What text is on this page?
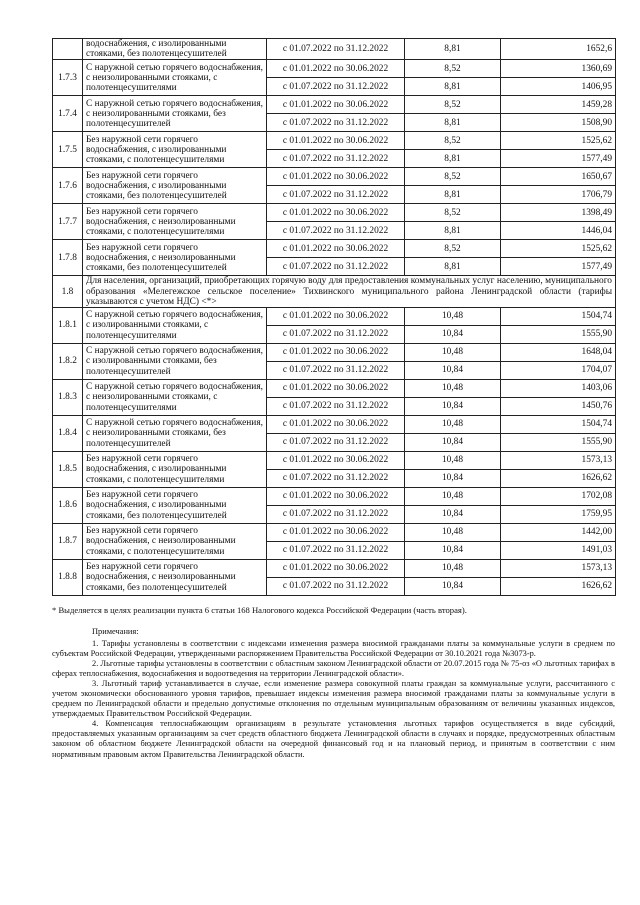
	водоснабжения, с изолированными стояками, без полотенцесушителей	с 01.07.2022 по 31.12.2022	8,81	1652,6
1.7.3	С наружной сетью горячего водоснабжения, с неизолированными стояками, с полотенцесушителями	с 01.01.2022 по 30.06.2022	8,52	1360,69
		с 01.07.2022 по 31.12.2022	8,81	1406,95
1.7.4	С наружной сетью горячего водоснабжения, с неизолированными стояками, без полотенцесушителей	с 01.01.2022 по 30.06.2022	8,52	1459,28
		с 01.07.2022 по 31.12.2022	8,81	1508,90
1.7.5	Без наружной сети горячего водоснабжения, с изолированными стояками, с полотенцесушителями	с 01.01.2022 по 30.06.2022	8,52	1525,62
		с 01.07.2022 по 31.12.2022	8,81	1577,49
1.7.6	Без наружной сети горячего водоснабжения, с изолированными стояками, без полотенцесушителей	с 01.01.2022 по 30.06.2022	8,52	1650,67
		с 01.07.2022 по 31.12.2022	8,81	1706,79
1.7.7	Без наружной сети горячего водоснабжения, с неизолированными стояками, с полотенцесушителями	с 01.01.2022 по 30.06.2022	8,52	1398,49
		с 01.07.2022 по 31.12.2022	8,81	1446,04
1.7.8	Без наружной сети горячего водоснабжения, с неизолированными стояками, без полотенцесушителей	с 01.01.2022 по 30.06.2022	8,52	1525,62
		с 01.07.2022 по 31.12.2022	8,81	1577,49
1.8	Для населения, организаций, приобретающих горячую воду для предоставления коммунальных услуг населению, муниципального образования «Мелегежское сельское поселение» Тихвинского муниципального района Ленинградской области (тарифы указываются с учетом НДС) <*>			
1.8.1	С наружной сетью горячего водоснабжения, с изолированными стояками, с полотенцесушителями	с 01.01.2022 по 30.06.2022	10,48	1504,74
		с 01.07.2022 по 31.12.2022	10,84	1555,90
1.8.2	С наружной сетью горячего водоснабжения, с изолированными стояками, без полотенцесушителей	с 01.01.2022 по 30.06.2022	10,48	1648,04
		с 01.07.2022 по 31.12.2022	10,84	1704,07
1.8.3	С наружной сетью горячего водоснабжения, с неизолированными стояками, с полотенцесушителями	с 01.01.2022 по 30.06.2022	10,48	1403,06
		с 01.07.2022 по 31.12.2022	10,84	1450,76
1.8.4	С наружной сетью горячего водоснабжения, с неизолированными стояками, без полотенцесушителей	с 01.01.2022 по 30.06.2022	10,48	1504,74
		с 01.07.2022 по 31.12.2022	10,84	1555,90
1.8.5	Без наружной сети горячего водоснабжения, с изолированными стояками, с полотенцесушителями	с 01.01.2022 по 30.06.2022	10,48	1573,13
		с 01.07.2022 по 31.12.2022	10,84	1626,62
1.8.6	Без наружной сети горячего водоснабжения, с изолированными стояками, без полотенцесушителей	с 01.01.2022 по 30.06.2022	10,48	1702,08
		с 01.07.2022 по 31.12.2022	10,84	1759,95
1.8.7	Без наружной сети горячего водоснабжения, с неизолированными стояками, с полотенцесушителями	с 01.01.2022 по 30.06.2022	10,48	1442,00
		с 01.07.2022 по 31.12.2022	10,84	1491,03
1.8.8	Без наружной сети горячего водоснабжения, с неизолированными стояками, без полотенцесушителей	с 01.01.2022 по 30.06.2022	10,48	1573,13
		с 01.07.2022 по 31.12.2022	10,84	1626,62
* Выделяется в целях реализации пункта 6 статьи 168 Налогового кодекса Российской Федерации (часть вторая).
Примечания:

1. Тарифы установлены в соответствии с индексами изменения размера вносимой гражданами платы за коммунальные услуги в среднем по субъектам Российской Федерации, утвержденными распоряжением Правительства Российской Федерации от 30.10.2021 года №3073-р.

2. Льготные тарифы установлены в соответствии с областным законом Ленинградской области от 20.07.2015 года № 75-оз «О льготных тарифах в сферах теплоснабжения, водоснабжения и водоотведения на территории Ленинградской области».

3. Льготный тариф устанавливается в случае, если изменение размера совокупной платы граждан за коммунальные услуги, рассчитанного с учетом экономически обоснованного уровня тарифов, превышает индексы изменения размера вносимой гражданами платы за коммунальные услуги в среднем по Ленинградской области и предельно допустимые отклонения по отдельным муниципальным образованиям от величины указанных индексов, утверждаемых Правительством Российской Федерации.

4. Компенсация теплоснабжающим организациям в результате установления льготных тарифов осуществляется в виде субсидий, предоставляемых указанным организациям за счет средств областного бюджета Ленинградской области в случаях и порядке, предусмотренных областным законом об областном бюджете Ленинградской области на очередной финансовый год и на плановый период, и принятым в соответствии с ним нормативным правовым актом Правительства Ленинградской области.
